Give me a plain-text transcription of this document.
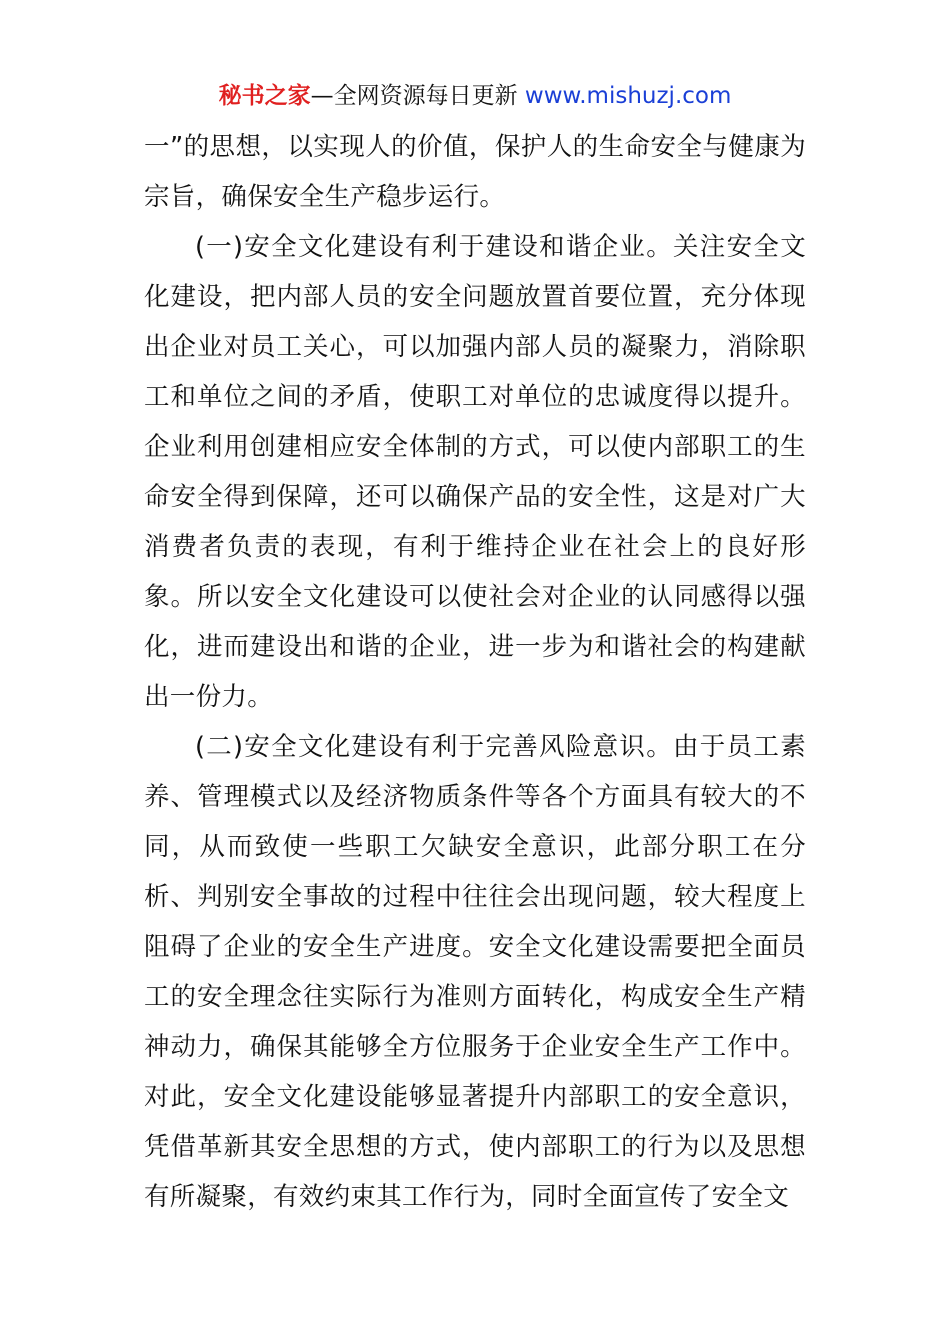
秘书之家—全网资源每日更新 www.mishuzj.com

一”的思想，以实现人的价值，保护人的生命安全与健康为宗旨，确保安全生产稳步运行。

(一)安全文化建设有利于建设和谐企业。关注安全文化建设，把内部人员的安全问题放置首要位置，充分体现出企业对员工关心，可以加强内部人员的凝聚力，消除职工和单位之间的矛盾，使职工对单位的忠诚度得以提升。企业利用创建相应安全体制的方式，可以使内部职工的生命安全得到保障，还可以确保产品的安全性，这是对广大消费者负责的表现，有利于维持企业在社会上的良好形象。所以安全文化建设可以使社会对企业的认同感得以强化，进而建设出和谐的企业，进一步为和谐社会的构建献出一份力。

(二)安全文化建设有利于完善风险意识。由于员工素养、管理模式以及经济物质条件等各个方面具有较大的不同，从而致使一些职工欠缺安全意识，此部分职工在分析、判别安全事故的过程中往往会出现问题，较大程度上阻碍了企业的安全生产进度。安全文化建设需要把全面员工的安全理念往实际行为准则方面转化，构成安全生产精神动力，确保其能够全方位服务于企业安全生产工作中。对此，安全文化建设能够显著提升内部职工的安全意识，凭借革新其安全思想的方式，使内部职工的行为以及思想有所凝聚，有效约束其工作行为，同时全面宣传了安全文
